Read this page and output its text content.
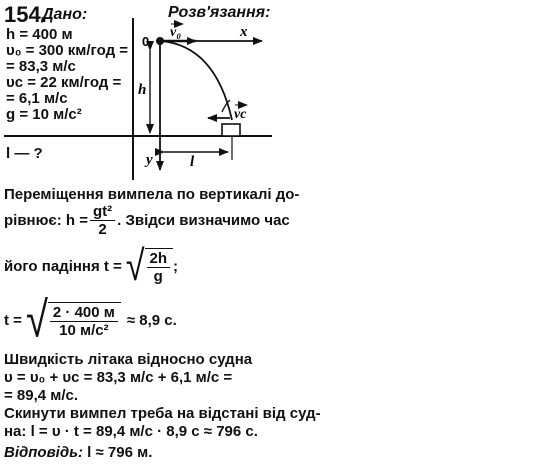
154.
Дано:	Розв'язання:
h = 400 м
υ₀ = 300 км/год =
= 83,3 м/с
υс = 22 км/год =
= 6,1 м/с
g = 10 м/с²
l — ?
0
x
y
v₀
vс
h
l
Переміщення вимпела по вертикалі до-
рівнює: $h = \frac{\text{gt²}}{2}$ . Звідси визначимо час
його падіння t = √ $\frac{2h}{g}$ ;
t = √ $\frac{2 \cdot 400 м}{\text{10 м/с²}} \approx 8,9$ с.
Швидкість літака відносно судна
υ = υ₀ + υс = 83,3 м/с + 6,1 м/с =
= 89,4 м/с.
Скинути вимпел треба на відстані від суд-
на: l = υ · t = 89,4 м/с · 8,9 с ≈ 796 с.
Відповідь: l ≈ 796 м.
